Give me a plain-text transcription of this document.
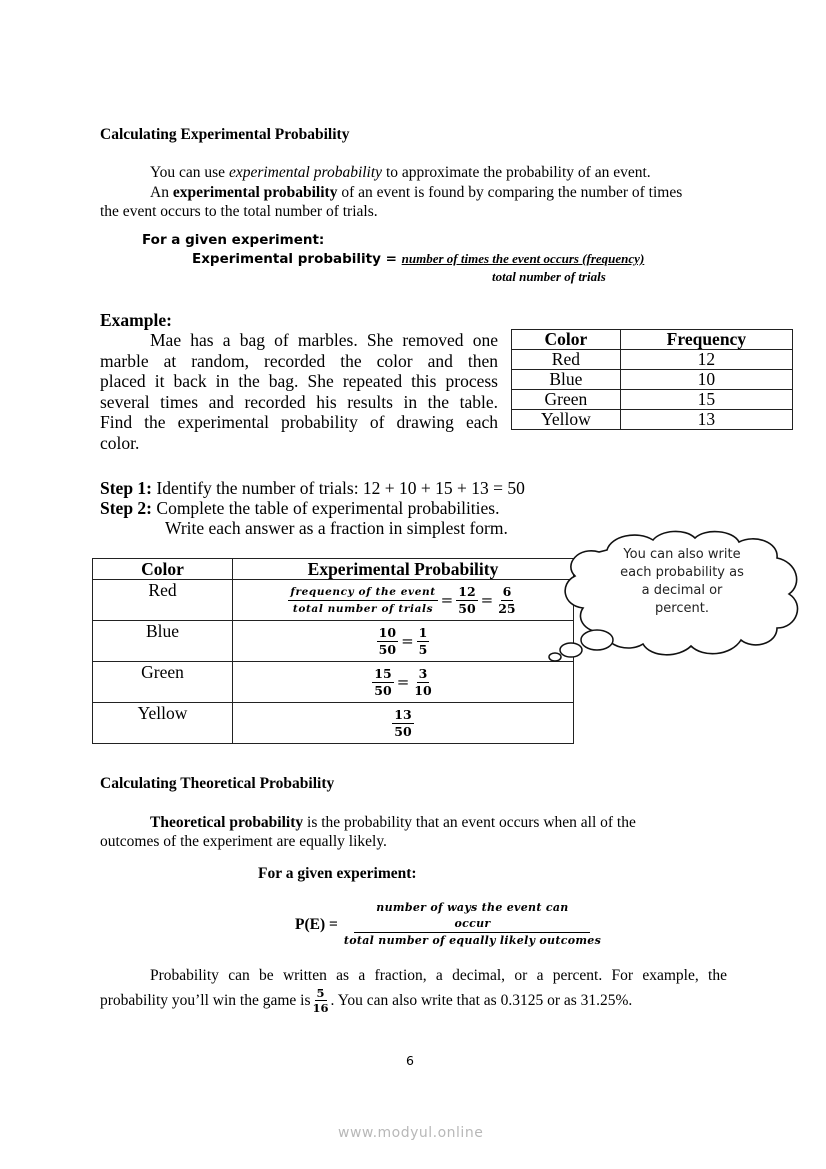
Calculating Experimental Probability
You can use experimental probability to approximate the probability of an event.
An experimental probability of an event is found by comparing the number of times
the event occurs to the total number of trials.
For a given experiment:
Experimental probability = number of times the event occurs (frequency)
total number of trials
Example:
Mae has a bag of marbles. She removed one
marble at random, recorded the color and then
placed it back in the bag. She repeated this process
several times and recorded his results in the table.
Find the experimental probability of drawing each
color.
Color	Frequency
Red	12
Blue	10
Green	15
Yellow	13
Step 1: Identify the number of trials: 12 + 10 + 15 + 13 = 50
Step 2: Complete the table of experimental probabilities.
Write each answer as a fraction in simplest form.
Color	Experimental Probability
Red	$\frac{\text{frequency of the event}}{\text{total number of trials}} = \frac{12}{50} = \frac{6}{25}$

Blue	$\frac{10}{50} = \frac{1}{5}$

Green	$\frac{15}{50} = \frac{3}{10}$

Yellow	$\frac{13}{50}$
You can also write
each probability as
a decimal or
percent.
Calculating Theoretical Probability
Theoretical probability is the probability that an event occurs when all of the
outcomes of the experiment are equally likely.
For a given experiment:
$P(E) = \frac{\text{number of ways the event can occur}}{\text{total number of equally likely outcomes}}$
Probability can be written as a fraction, a decimal, or a percent. For example, the
probability you’ll win the game is $\frac{5}{16}$ . You can also write that as 0.3125 or as 31.25%.
6
www.modyul.online
